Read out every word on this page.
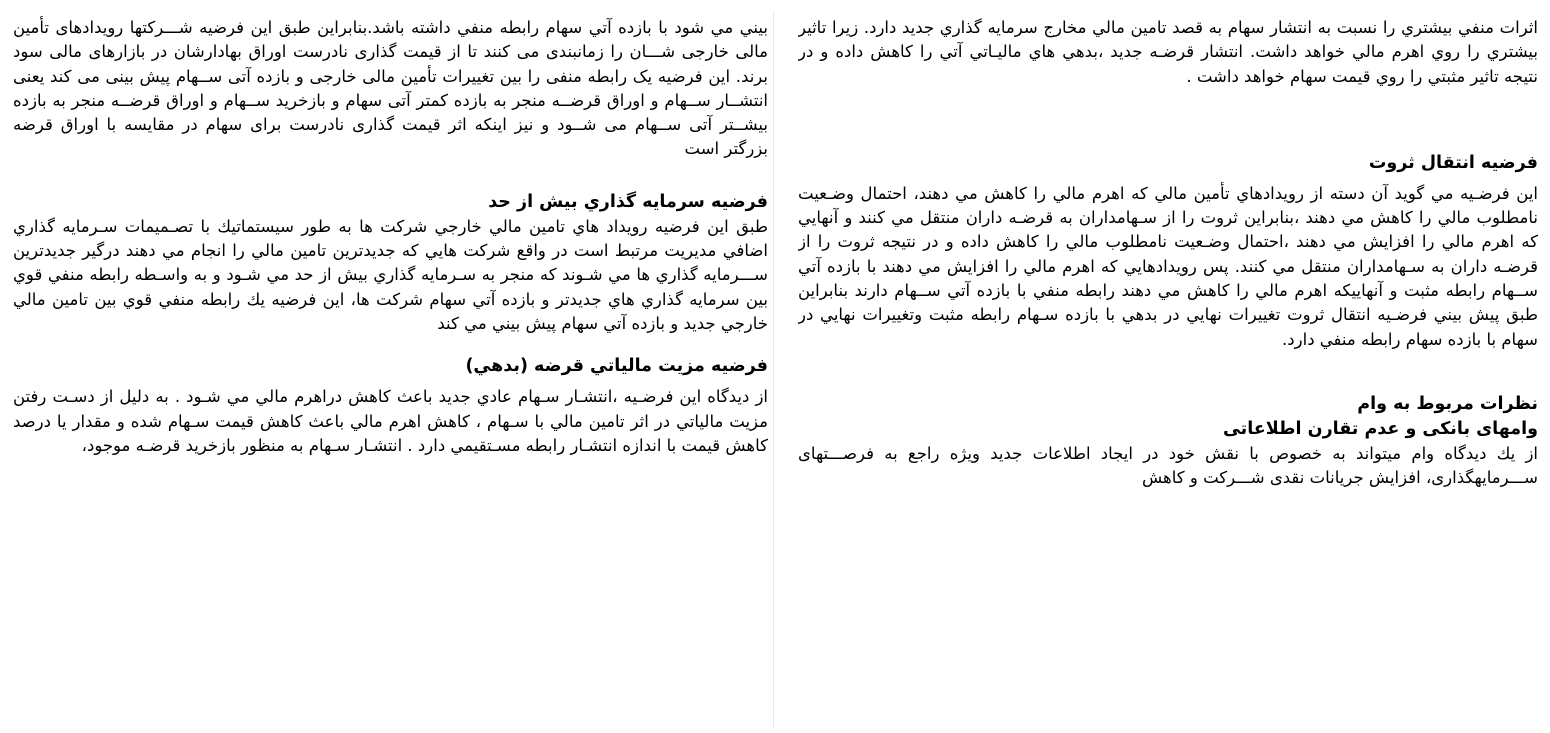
اثرات منفي بيشتري را نسبت به انتشار سهام به قصد تامين مالي مخارج سرمايه گذاري جديد دارد. زيرا تاثير بيشتري را روي اهرم مالي خواهد داشت. انتشار قرضـه جديد ،بدهي هاي ماليـاتي آتي را كاهش داده و در نتيجه تاثير مثبتي را روي قيمت سهام خواهد داشت .

فرضيه انتقال ثروت

اين فرضـيه مي گويد آن دسته از رويدادهاي تأمين مالي كه اهرم مالي را كاهش مي دهند، احتمال وضـعيت نامطلوب مالي را كاهش مي دهند ،بنابراين ثروت را از سـهامداران به قرضـه داران منتقل مي كنند و آنهايي كه اهرم مالي را افزايش مي دهند ،احتمال وضـعيت نامطلوب مالي را كاهش داده و در نتيجه ثروت را از قرضـه داران به سـهامداران منتقل مي كنند. پس رويدادهايي كه اهرم مالي را افزايش مي دهند با بازده آتي ســهام رابطه مثبت و آنهاييكه اهرم مالي را كاهش مي دهند رابطه منفي با بازده آتي ســهام دارند بنابراين طبق پيش بيني فرضـيه انتقال ثروت تغييرات نهايي در بدهي با بازده سـهام رابطه مثبت وتغييرات نهايي در سهام با بازده سهام رابطه منفي دارد.

نظرات مربوط به وام
وامهای بانکی و عدم تقارن اطلاعاتی

از يك ديدگاه وام میتواند به خصوص با نقش خود در ايجاد اطلاعات جديد ويژه راجع به فرصـــتهای ســـرمايهگذاری، افزايش جريانات نقدی شـــركت و كاهش

بيني مي شود با بازده آتي سهام رابطه منفي داشته باشد.بنابراين طبق اين فرضيه شـــركتها رويدادهای تأمين مالی خارجی شـــان را زمانبندی می كنند تا از قيمت گذاری نادرست اوراق بهادارشان در بازارهای مالی سود برند. اين فرضيه يک رابطه منفی را بين تغييرات تأمين مالی خارجی و بازده آتی ســهام پيش بينی می كند يعنی انتشــار ســهام و اوراق قرضــه منجر به بازده كمتر آتی سهام و بازخريد ســهام و اوراق قرضــه منجر به بازده بيشــتر آتی ســهام می شــود و نيز اينكه اثر قيمت گذاری نادرست برای سهام در مقايسه با اوراق قرضه بزرگتر است

فرضيه سرمايه گذاري بيش از حد

طبق اين فرضيه رويداد هاي تامين مالي خارجي شركت ها به طور سيستماتيك با تصـميمات سـرمايه گذاري اضافي مديريت مرتبط است در واقع شركت هايي كه جديدترين تامين مالي را انجام مي دهند درگير جديدترين ســـرمايه گذاري ها مي شـوند كه منجر به سـرمايه گذاري بيش از حد مي شـود و به واسـطه رابطه منفي قوي بين سرمايه گذاري هاي جديدتر و بازده آتي سهام شركت ها، اين فرضيه يك رابطه منفي قوي بين تامين مالي خارجي جديد و بازده آتي سهام پيش بيني مي كند

فرضيه مزيت مالياتي قرضه (بدهي)

از ديدگاه اين فرضـيه ،انتشـار سـهام عادي جديد باعث كاهش دراهرم مالي مي شـود . به دليل از دسـت رفتن مزيت مالياتي در اثر تامين مالي با سـهام ، كاهش اهرم مالي باعث كاهش قيمت سـهام شده و مقدار يا درصد كاهش قيمت با اندازه انتشـار رابطه مسـتقيمي دارد . انتشـار سـهام به منظور بازخريد قرضـه موجود،
